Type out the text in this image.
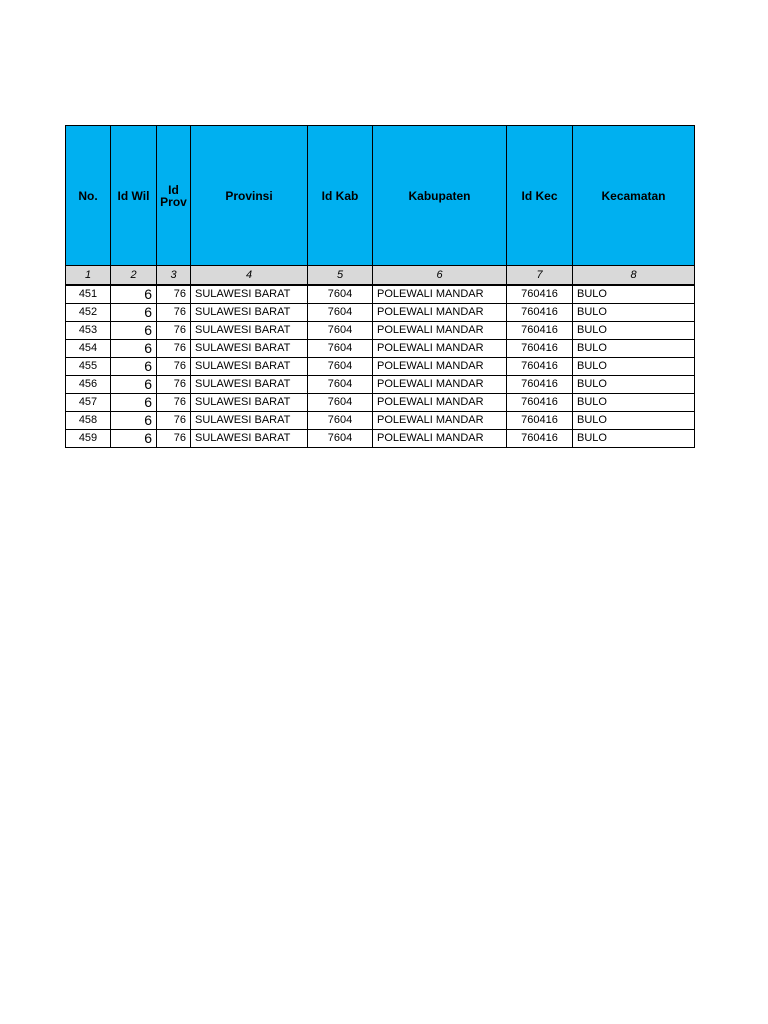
No.	Id Wil	Id Prov	Provinsi	Id Kab	Kabupaten	Id Kec	Kecamatan
1	2	3	4	5	6	7	8
451	6	76	SULAWESI BARAT	7604	POLEWALI MANDAR	760416	BULO
452	6	76	SULAWESI BARAT	7604	POLEWALI MANDAR	760416	BULO
453	6	76	SULAWESI BARAT	7604	POLEWALI MANDAR	760416	BULO
454	6	76	SULAWESI BARAT	7604	POLEWALI MANDAR	760416	BULO
455	6	76	SULAWESI BARAT	7604	POLEWALI MANDAR	760416	BULO
456	6	76	SULAWESI BARAT	7604	POLEWALI MANDAR	760416	BULO
457	6	76	SULAWESI BARAT	7604	POLEWALI MANDAR	760416	BULO
458	6	76	SULAWESI BARAT	7604	POLEWALI MANDAR	760416	BULO
459	6	76	SULAWESI BARAT	7604	POLEWALI MANDAR	760416	BULO
